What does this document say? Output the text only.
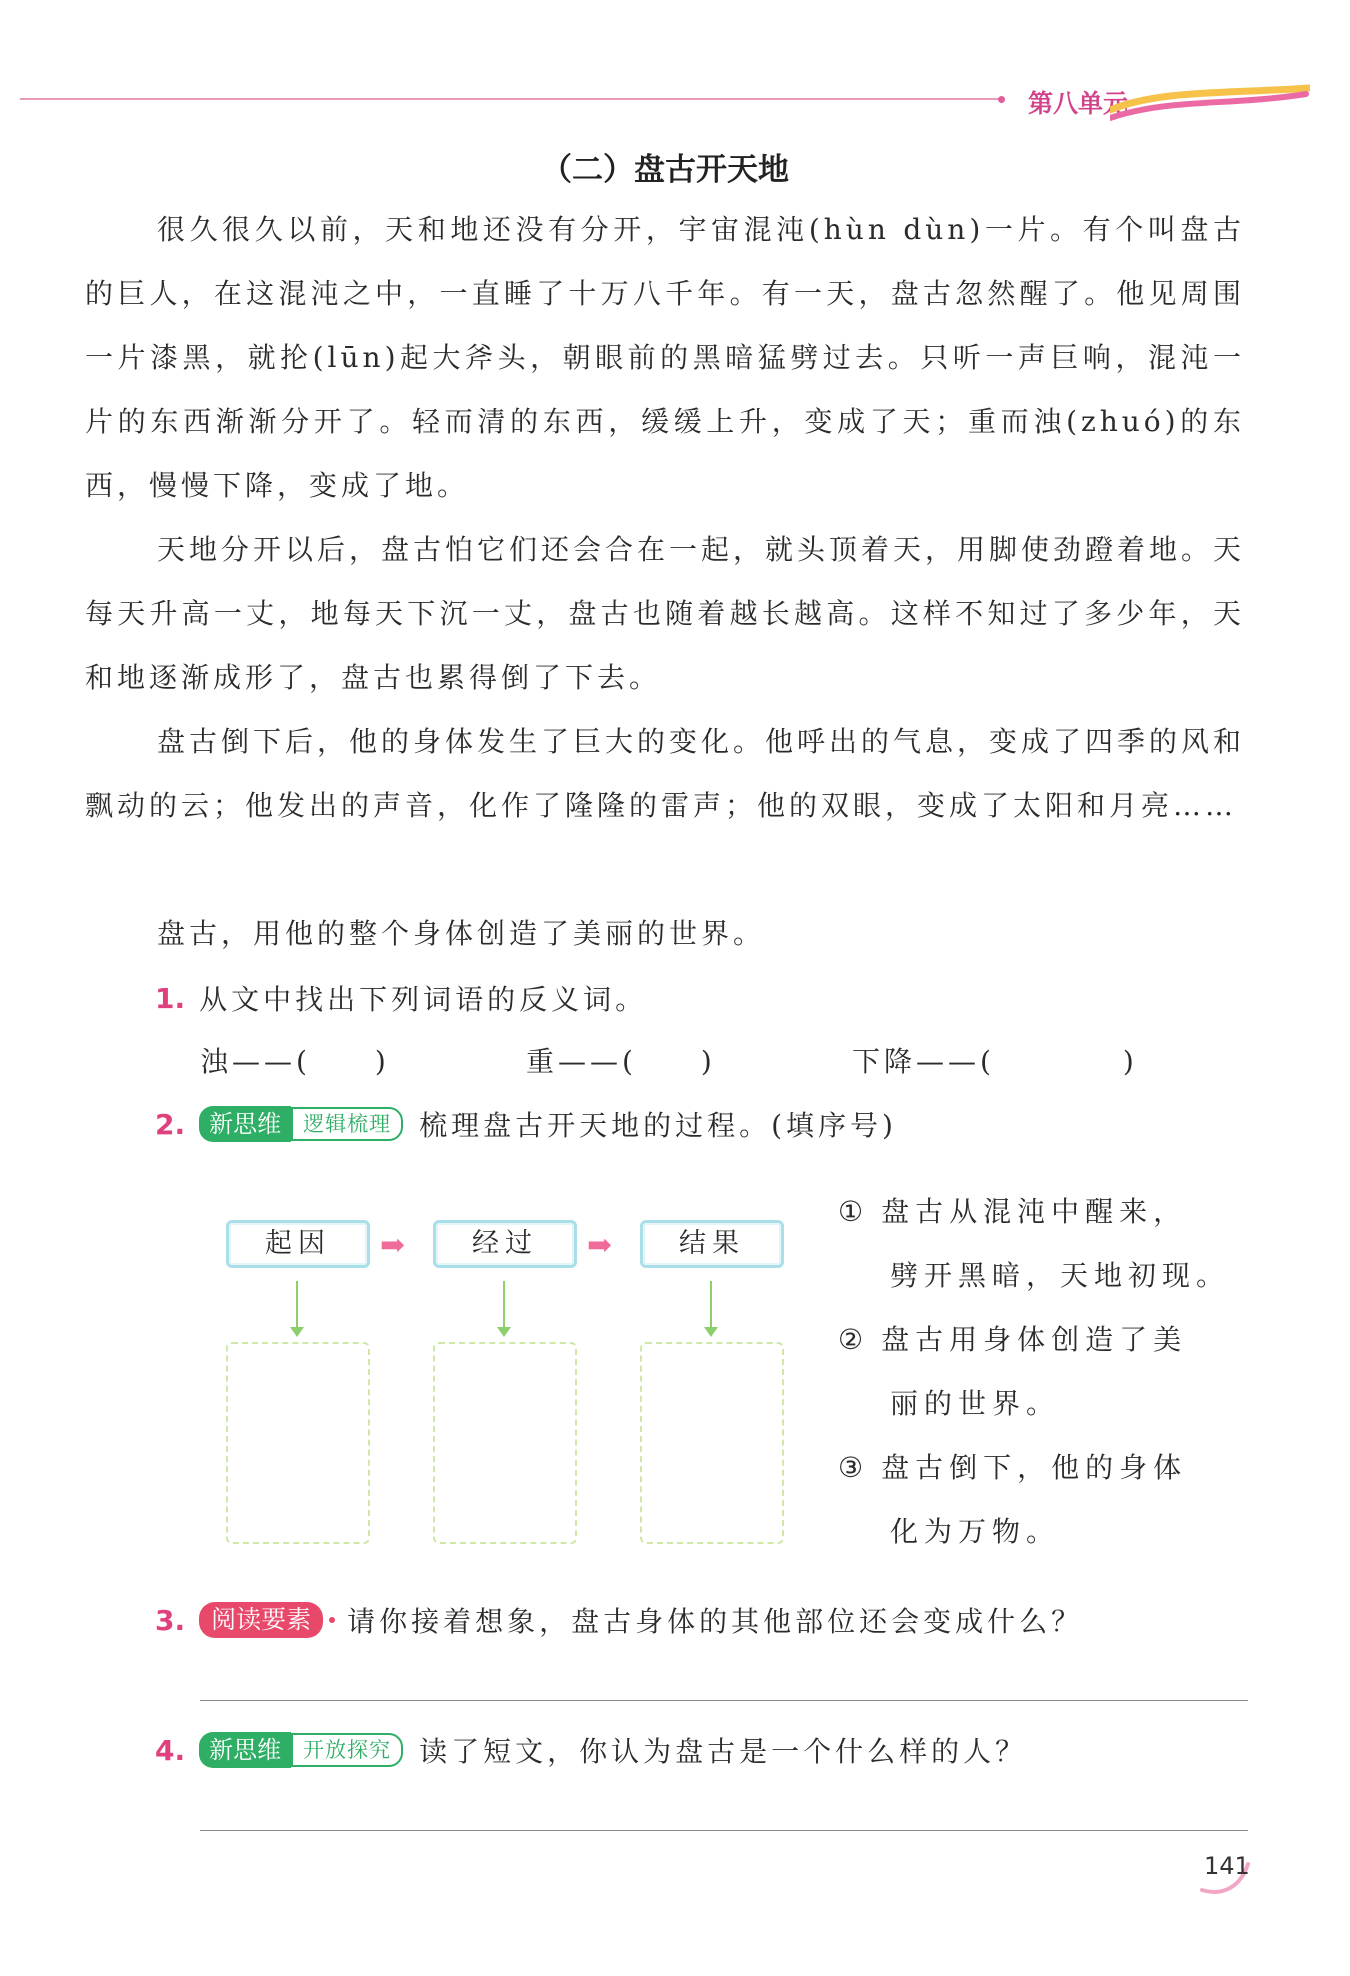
第八单元
（二）盘古开天地

很久很久以前，天和地还没有分开，宇宙混沌(hùn dùn)一片。有个叫盘古的巨人，在这混沌之中，一直睡了十万八千年。有一天，盘古忽然醒了。他见周围一片漆黑，就抡(lūn)起大斧头，朝眼前的黑暗猛劈过去。只听一声巨响，混沌一片的东西渐渐分开了。轻而清的东西，缓缓上升，变成了天；重而浊(zhuó)的东西，慢慢下降，变成了地。

天地分开以后，盘古怕它们还会合在一起，就头顶着天，用脚使劲蹬着地。天每天升高一丈，地每天下沉一丈，盘古也随着越长越高。这样不知过了多少年，天和地逐渐成形了，盘古也累得倒了下去。

盘古倒下后，他的身体发生了巨大的变化。他呼出的气息，变成了四季的风和飘动的云；他发出的声音，化作了隆隆的雷声；他的双眼，变成了太阳和月亮……

盘古，用他的整个身体创造了美丽的世界。

1. 从文中找出下列词语的反义词。
浊——(　　)	重——(　　)	下降——(　　　　)
2.	新思维	逻辑梳理	梳理盘古开天地的过程。(填序号)
起因	经过	结果
➡	➡

① 盘古从混沌中醒来，
劈开黑暗，天地初现。

② 盘古用身体创造了美
丽的世界。

③ 盘古倒下，他的身体
化为万物。

3.	阅读要素	请你接着想象，盘古身体的其他部位还会变成什么？
4.	新思维	开放探究	读了短文，你认为盘古是一个什么样的人？
141
